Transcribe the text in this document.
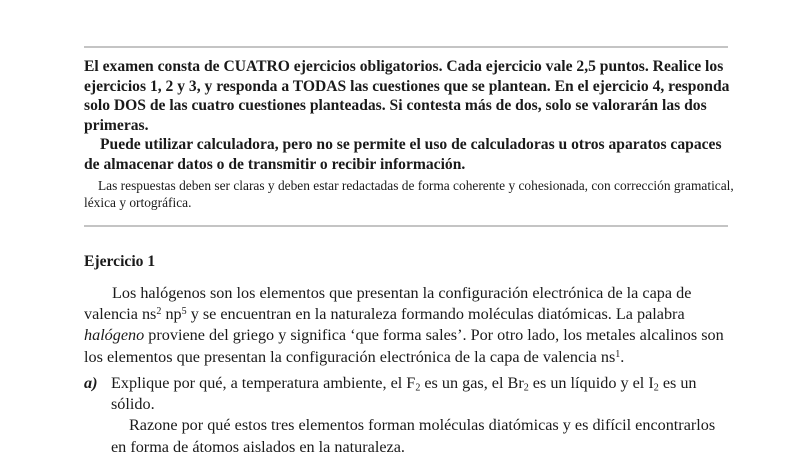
El examen consta de CUATRO ejercicios obligatorios. Cada ejercicio vale 2,5 puntos. Realice los ejercicios 1, 2 y 3, y responda a TODAS las cuestiones que se plantean. En el ejercicio 4, responda solo DOS de las cuatro cuestiones planteadas. Si contesta más de dos, solo se valorarán las dos primeras.

Puede utilizar calculadora, pero no se permite el uso de calculadoras u otros aparatos capaces de almacenar datos o de transmitir o recibir información.

Las respuestas deben ser claras y deben estar redactadas de forma coherente y cohesionada, con corrección gramatical, léxica y ortográfica.

Ejercicio 1

Los halógenos son los elementos que presentan la configuración electrónica de la capa de valencia $ns^2$ $np^5$ y se encuentran en la naturaleza formando moléculas diatómicas. La palabra halógeno proviene del griego y significa ‘que forma sales’. Por otro lado, los metales alcalinos son los elementos que presentan la configuración electrónica de la capa de valencia $ns^1$.

a) Explique por qué, a temperatura ambiente, el $F_2$ es un gas, el $Br_2$ es un líquido y el $I_2$ es un sólido.

Razone por qué estos tres elementos forman moléculas diatómicas y es difícil encontrarlos en forma de átomos aislados en la naturaleza.
